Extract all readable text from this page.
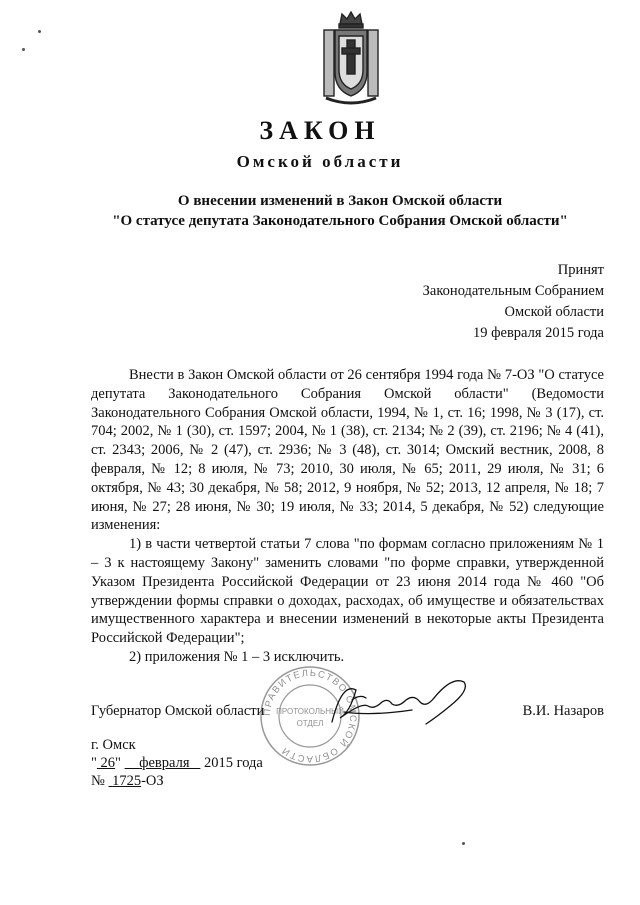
ЗАКОН
Омской области
О внесении изменений в Закон Омской области
"О статусе депутата Законодательного Собрания Омской области"
Принят
Законодательным Собранием
Омской области
19 февраля 2015 года

Внести в Закон Омской области от 26 сентября 1994 года № 7-ОЗ "О статусе депутата Законодательного Собрания Омской области" (Ведомости Законодательного Собрания Омской области, 1994, № 1, ст. 16; 1998, № 3 (17), ст. 704; 2002, № 1 (30), ст. 1597; 2004, № 1 (38), ст. 2134; № 2 (39), ст. 2196; № 4 (41), ст. 2343; 2006, № 2 (47), ст. 2936; № 3 (48), ст. 3014; Омский вестник, 2008, 8 февраля, № 12; 8 июля, № 73; 2010, 30 июля, № 65; 2011, 29 июля, № 31; 6 октября, № 43; 30 декабря, № 58; 2012, 9 ноября, № 52; 2013, 12 апреля, № 18; 7 июня, № 27; 28 июня, № 30; 19 июля, № 33; 2014, 5 декабря, № 52) следующие изменения:

1) в части четвертой статьи 7 слова "по формам согласно приложениям № 1 – 3 к настоящему Закону" заменить словами "по форме справки, утвержденной Указом Президента Российской Федерации от 23 июня 2014 года № 460 "Об утверждении формы справки о доходах, расходах, об имуществе и обязательствах имущественного характера и внесении изменений в некоторые акты Президента Российской Федерации";

2) приложения № 1 – 3 исключить.

Губернатор Омской области	В.И. Назаров
ПРАВИТЕЛЬСТВО ОМСКОЙ ОБЛАСТИ
ПРОТОКОЛЬНЫЙ
ОТДЕЛ
г. Омск
" 26" февраля 2015 года
№ 1725-ОЗ
